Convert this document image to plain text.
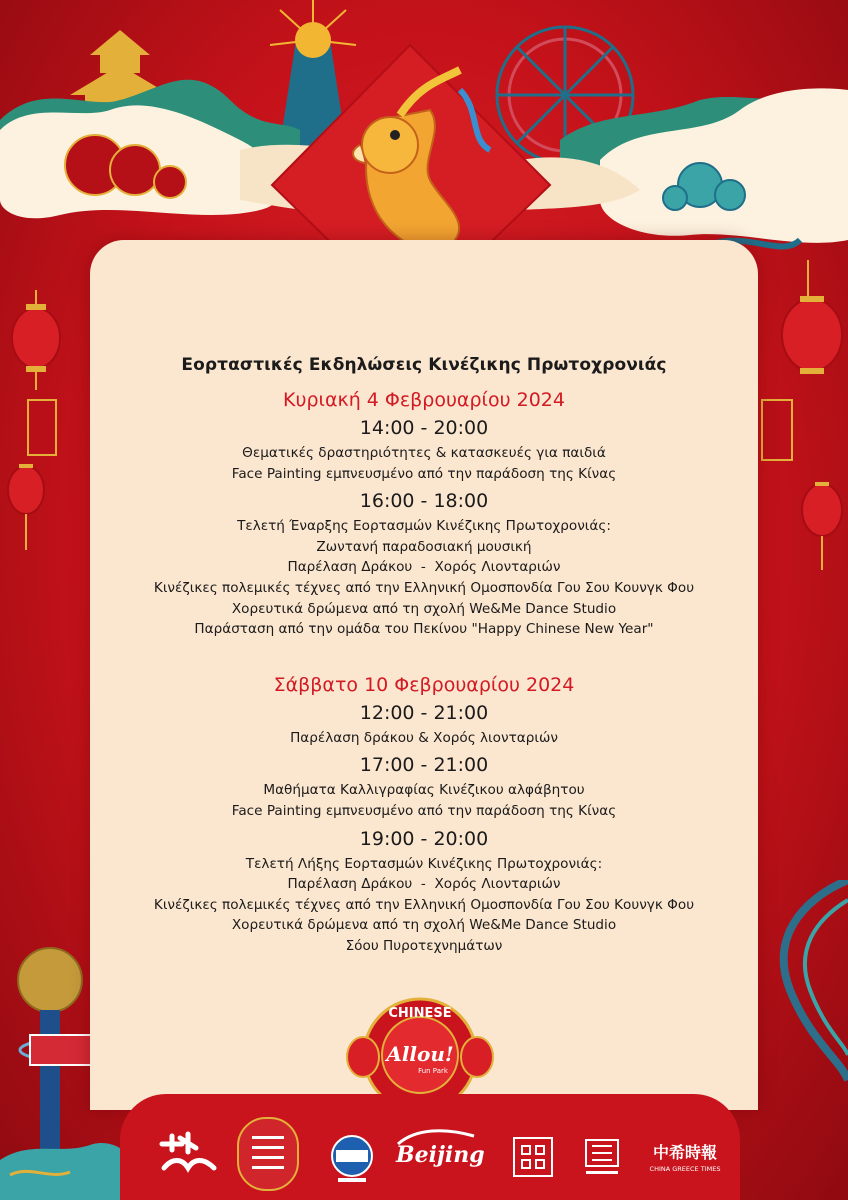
Εορταστικές Εκδηλώσεις Κινέζικης Πρωτοχρονιάς
Κυριακή 4 Φεβρουαρίου 2024
14:00 - 20:00

Θεματικές δραστηριότητες & κατασκευές για παιδιά

Face Painting εμπνευσμένο από την παράδοση της Κίνας

16:00 - 18:00

Τελετή Έναρξης Εορτασμών Κινέζικης Πρωτοχρονιάς:

Ζωντανή παραδοσιακή μουσική

Παρέλαση Δράκου  -  Χορός Λιονταριών

Κινέζικες πολεμικές τέχνες από την Ελληνική Ομοσπονδία Γου Σου Κουνγκ Φου

Χορευτικά δρώμενα από τη σχολή We&Me Dance Studio

Παράσταση από την ομάδα του Πεκίνου "Happy Chinese New Year"

Σάββατο 10 Φεβρουαρίου 2024
12:00 - 21:00

Παρέλαση δράκου & Χορός λιονταριών

17:00 - 21:00

Μαθήματα Καλλιγραφίας Κινέζικου αλφάβητου

Face Painting εμπνευσμένο από την παράδοση της Κίνας

19:00 - 20:00

Τελετή Λήξης Εορτασμών Κινέζικης Πρωτοχρονιάς:

Παρέλαση Δράκου  -  Χορός Λιονταριών

Κινέζικες πολεμικές τέχνες από την Ελληνική Ομοσπονδία Γου Σου Κουνγκ Φου

Χορευτικά δρώμενα από τη σχολή We&Me Dance Studio

Σόου Πυροτεχνημάτων

CHINESE
Allou!
Fun Park
Beijing	中希時報
CHINA GREECE TIMES
